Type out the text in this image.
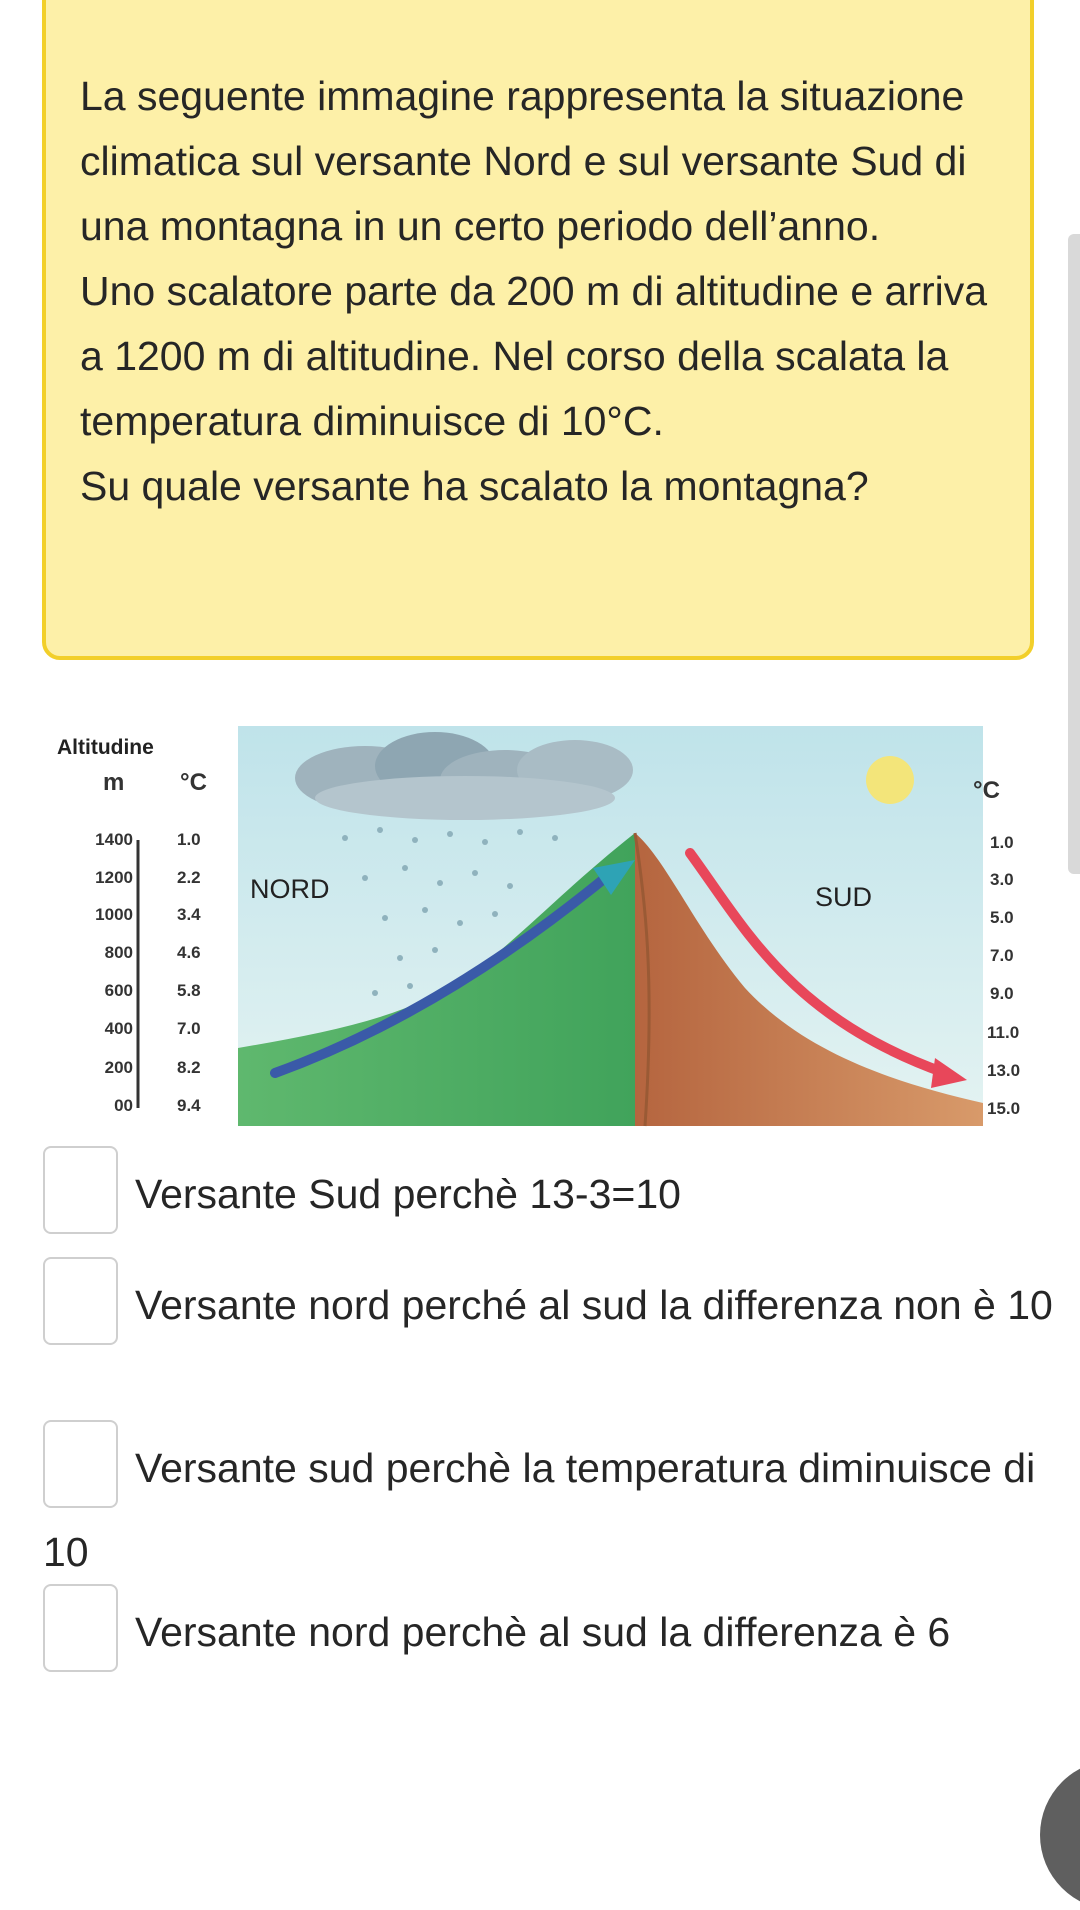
La seguente immagine rappresenta la situazione climatica sul versante Nord e sul versante Sud di una montagna in un certo periodo dell’anno.

Uno scalatore parte da 200 m di altitudine e arriva a 1200 m di altitudine. Nel corso della scalata la temperatura diminuisce di 10°C.

Su quale versante ha scalato la montagna?

Altitudine
m °C	°C
1400
1200
1000
800
600
400
200
00
1.0
2.2
3.4
4.6
5.8
7.0
8.2
9.4
1.0
3.0
5.0
7.0
9.0
11.0
13.0
15.0
NORD	SUD
Versante Sud perchè 13-3=10
Versante nord perché al sud la differenza non è 10
Versante sud perchè la temperatura diminuisce di 10
Versante nord perchè al sud la differenza è 6
